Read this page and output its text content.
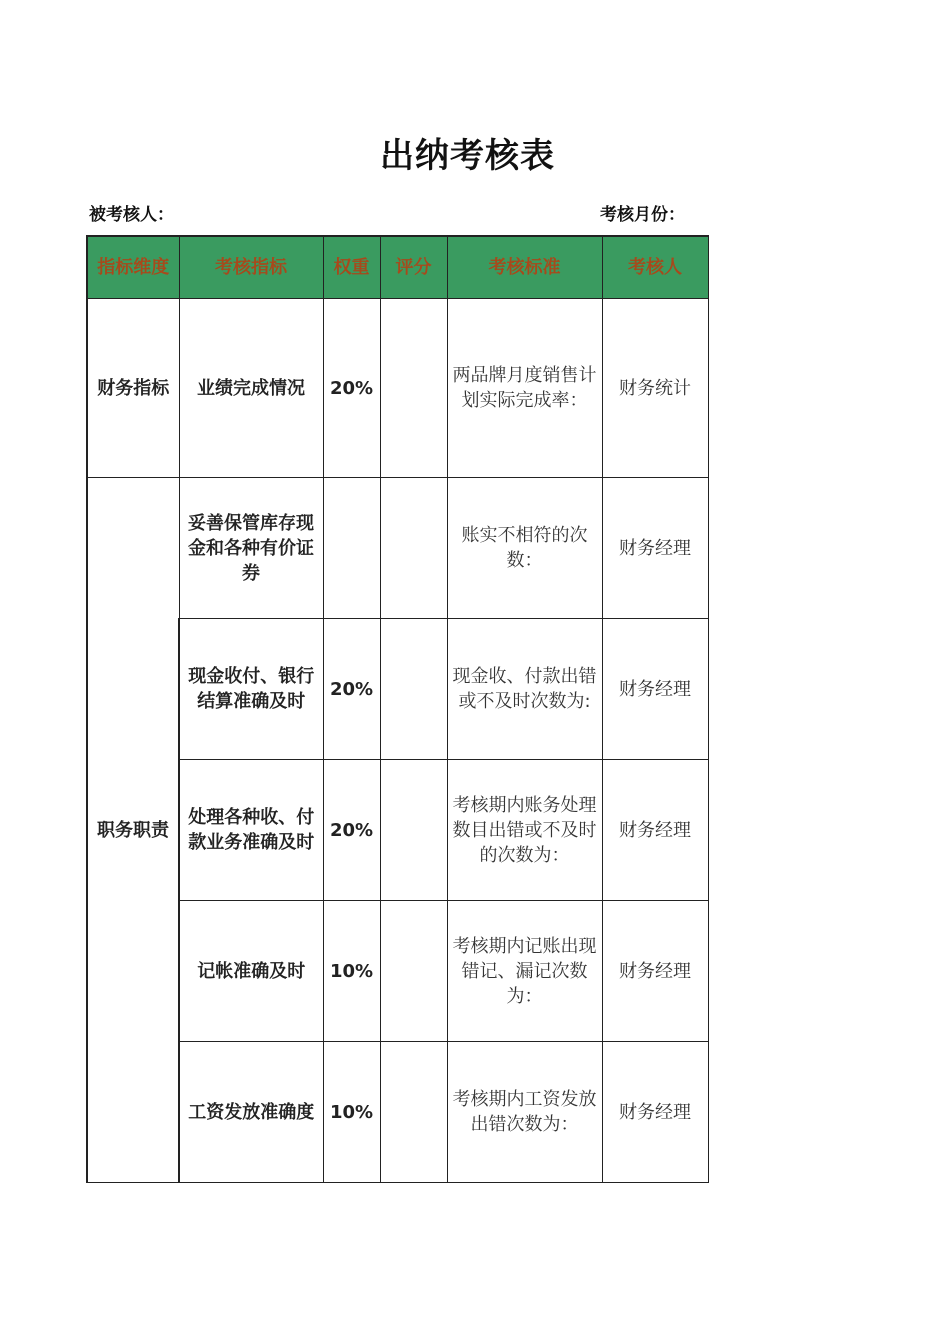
出纳考核表
被考核人：	考核月份：
指标维度	考核指标	权重	评分	考核标准	考核人
财务指标	业绩完成情况	20%		两品牌月度销售计划实际完成率：	财务统计
职务职责	妥善保管库存现金和各种有价证券			账实不相符的次数：	财务经理
	现金收付、银行结算准确及时	20%		现金收、付款出错或不及时次数为:	财务经理
	处理各种收、付款业务准确及时	20%		考核期内账务处理数目出错或不及时的次数为：	财务经理
	记帐准确及时	10%		考核期内记账出现错记、漏记次数为：	财务经理
	工资发放准确度	10%		考核期内工资发放出错次数为：	财务经理
